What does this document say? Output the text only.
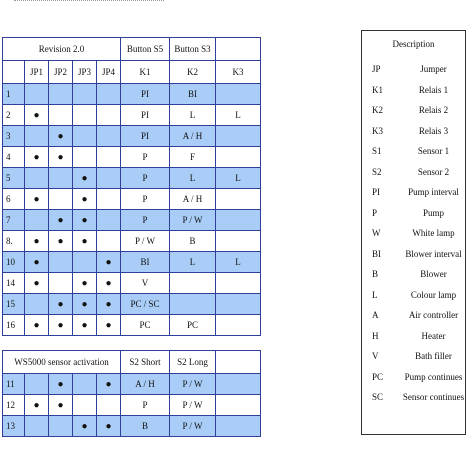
Revision 2.0					Button S5	Button S3	
	JP1	JP2	JP3	JP4	K1	K2	K3
1					PI	BI	
2	●				PI	L	L
3		●			PI	A / H	
4	●	●			P	F	
5			●		P	L	L
6	●		●		P	A / H	
7		●	●		P	P / W	
8.	●	●	●		P / W	B	
10	●			●	BI	L	L
14	●		●	●	V		
15		●	●	●	PC / SC		
16	●	●	●	●	PC	PC	
WS5000 sensor activation					S2 Short	S2 Long	
11		●		●	A / H	P / W	
12	●	●			P	P / W	
13			●	●	B	P / W	
Description
JP	Jumper
K1	Relais 1
K2	Relais 2
K3	Relais 3
S1	Sensor 1
S2	Sensor 2
PI	Pump interval
P	Pump
W	White lamp
BI	Blower interval
B	Blower
L	Colour lamp
A	Air controller
H	Heater
V	Bath filler
PC	Pump continues
SC	Sensor continues
